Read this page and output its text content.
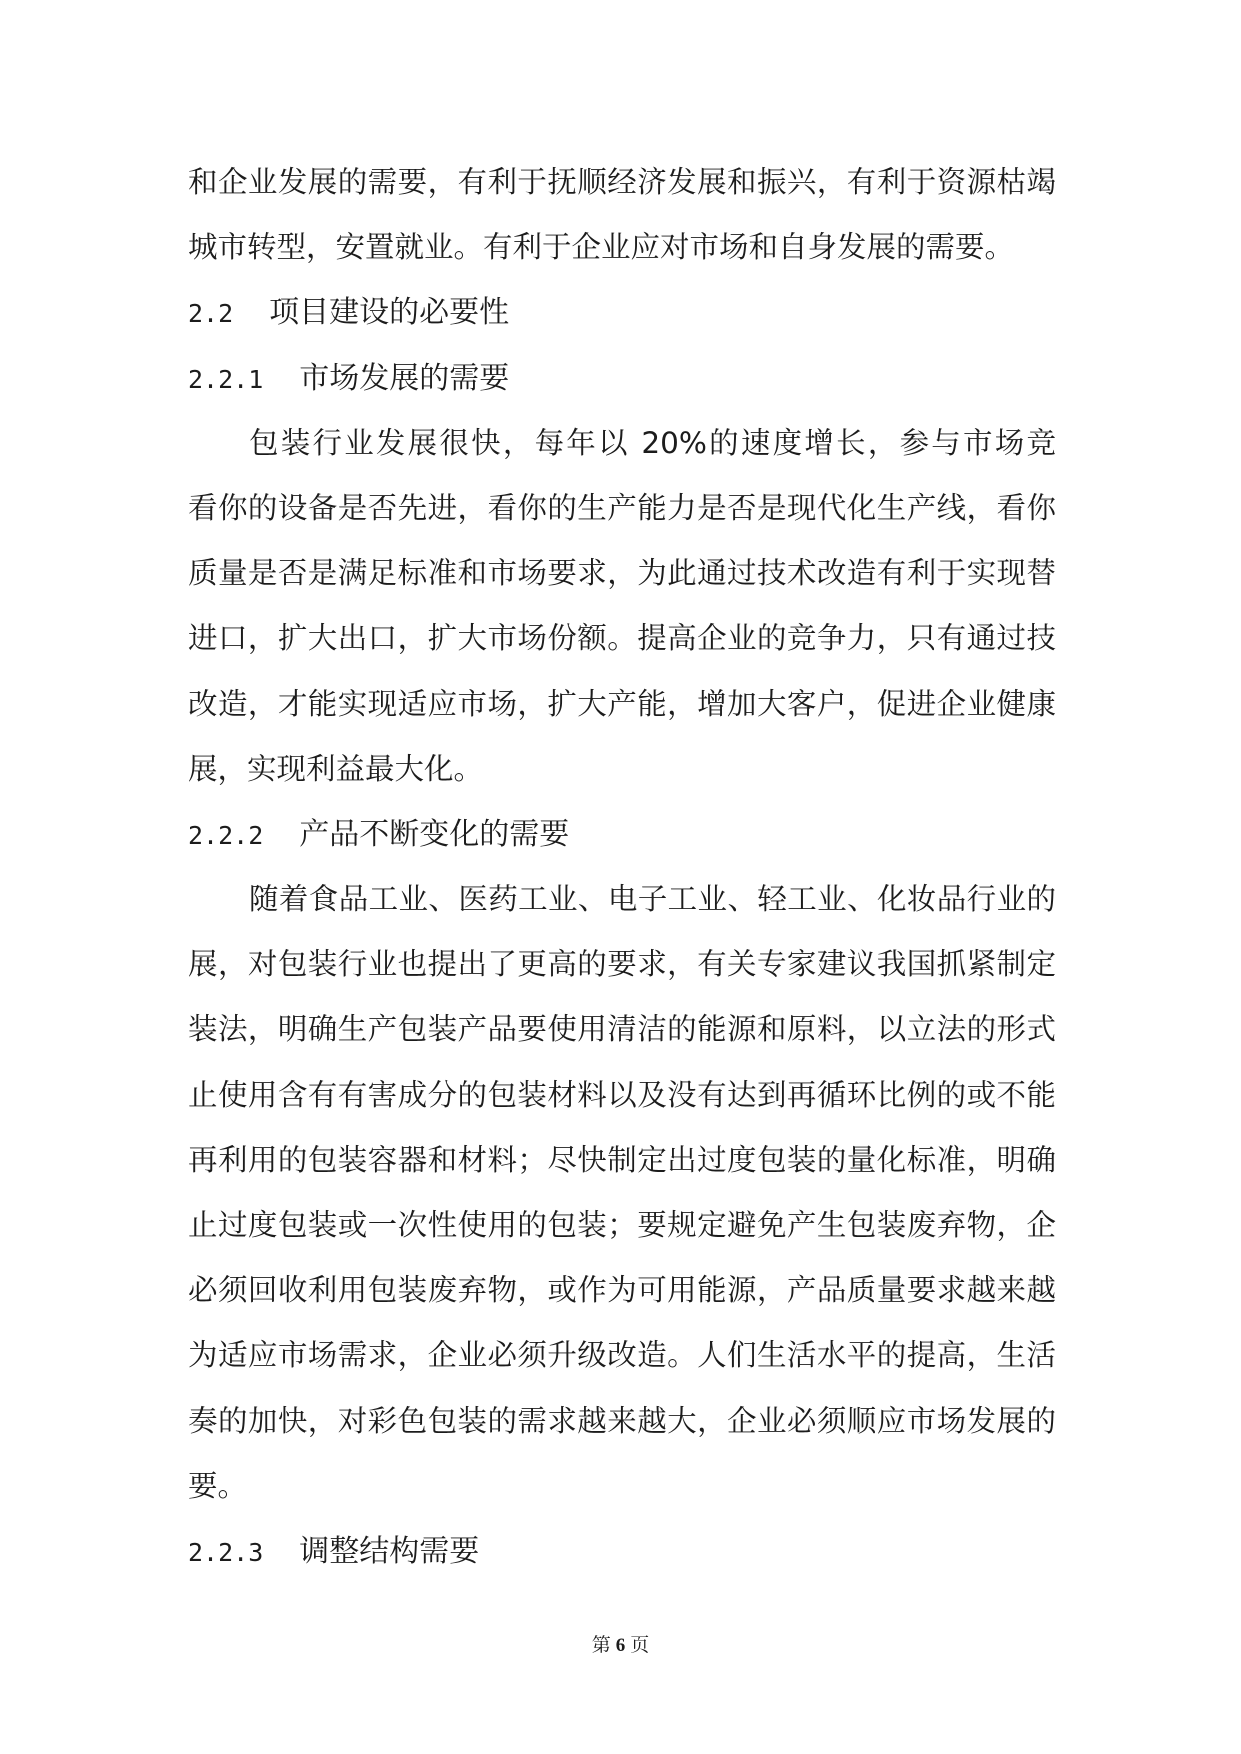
和企业发展的需要，有利于抚顺经济发展和振兴，有利于资源枯竭
城市转型，安置就业。有利于企业应对市场和自身发展的需要。
2.2 项目建设的必要性
2.2.1 市场发展的需要
包装行业发展很快，每年以 20%的速度增长，参与市场竞
看你的设备是否先进，看你的生产能力是否是现代化生产线，看你
质量是否是满足标准和市场要求，为此通过技术改造有利于实现替
进口，扩大出口，扩大市场份额。提高企业的竞争力，只有通过技
改造，才能实现适应市场，扩大产能，增加大客户，促进企业健康
展，实现利益最大化。
2.2.2 产品不断变化的需要
随着食品工业、医药工业、电子工业、轻工业、化妆品行业的
展，对包装行业也提出了更高的要求，有关专家建议我国抓紧制定
装法，明确生产包装产品要使用清洁的能源和原料，以立法的形式
止使用含有有害成分的包装材料以及没有达到再循环比例的或不能
再利用的包装容器和材料；尽快制定出过度包装的量化标准，明确
止过度包装或一次性使用的包装；要规定避免产生包装废弃物，企
必须回收利用包装废弃物，或作为可用能源，产品质量要求越来越
为适应市场需求，企业必须升级改造。人们生活水平的提高，生活
奏的加快，对彩色包装的需求越来越大，企业必须顺应市场发展的
要。
2.2.3 调整结构需要
第 6 页
